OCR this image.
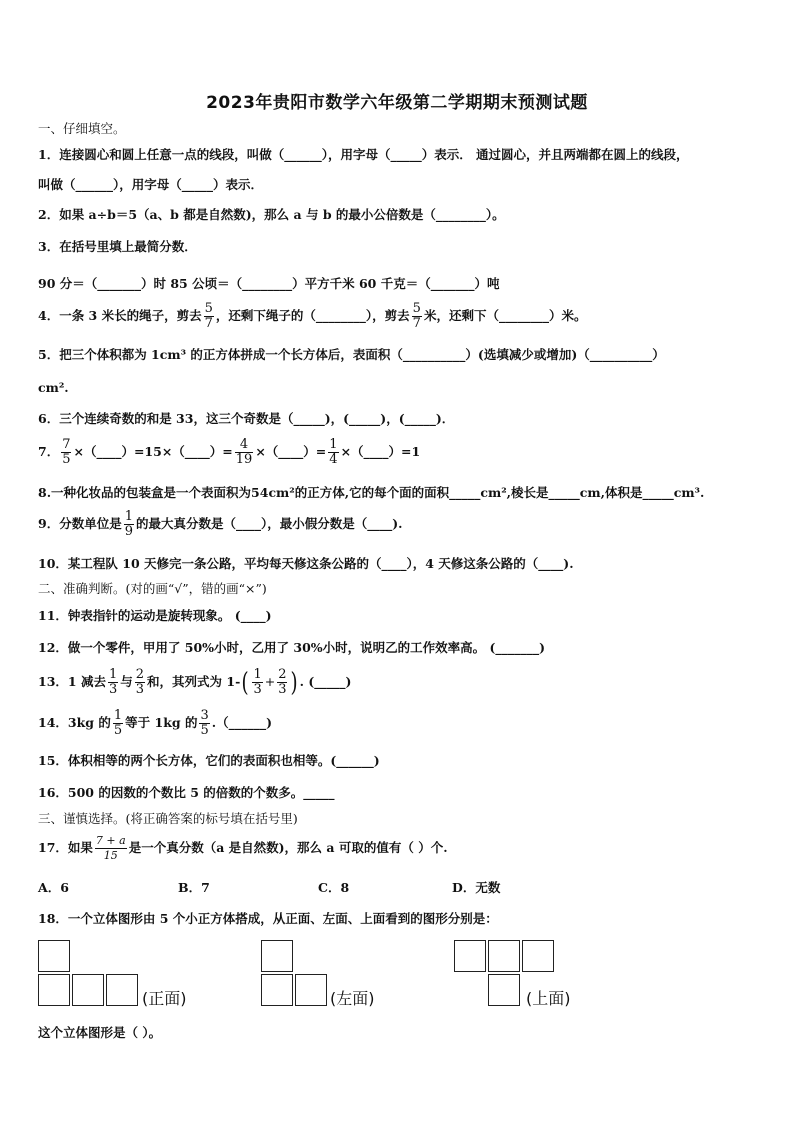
2023年贵阳市数学六年级第二学期期末预测试题
一、仔细填空。
1．连接圆心和圆上任意一点的线段，叫做（______），用字母（_____）表示． 通过圆心，并且两端都在圆上的线段，
叫做（______），用字母（_____）表示．
2．如果 a÷b＝5（a、b 都是自然数)，那么 a 与 b 的最小公倍数是（________）。
3．在括号里填上最简分数．
90 分＝（_______）时 85 公顷＝（________）平方千米 60 千克＝（_______）吨
4．一条 3 米长的绳子，剪去 $\frac{5}{7}$ ，还剩下绳子的（________），剪去 $\frac{5}{7}$ 米，还剩下（________）米。
5．把三个体积都为 1cm³ 的正方体拼成一个长方体后，表面积（__________）(选填减少或增加)（__________）
cm².
6．三个连续奇数的和是 33，这三个奇数是（_____)，(_____)，(_____)．
7． $\frac{7}{5}$ ×（____）=15×（____）= $\frac{4}{19}$ ×（____）= $\frac{1}{4}$ ×（____）=1
8.一种化妆品的包装盒是一个表面积为54cm²的正方体,它的每个面的面积_____cm²,棱长是_____cm,体积是_____cm³.
9．分数单位是 $\frac{1}{9}$ 的最大真分数是（____），最小假分数是（____).
10．某工程队 10 天修完一条公路，平均每天修这条公路的（____），4 天修这条公路的（____).
二、准确判断。(对的画“√”，错的画“×”)
11．钟表指针的运动是旋转现象。 (____)
12．做一个零件，甲用了 50%小时，乙用了 30%小时，说明乙的工作效率高。 (_______)
13．1 减去 $\frac{1}{3}$ 与 $\frac{2}{3}$ 和，其列式为 $1-( \frac{1}{3} + \frac{2}{3}$ ) . (_____)
14．3kg 的 $\frac{1}{5}$ 等于 1kg 的 $\frac{3}{5}$ .（______)
15．体积相等的两个长方体，它们的表面积也相等。(______)
16．500 的因数的个数比 5 的倍数的个数多。_____
三、谨慎选择。(将正确答案的标号填在括号里)
17．如果 $\frac{7 + a}{15}$ 是一个真分数（a 是自然数)，那么 a 可取的值有（ ）个.
A．6	B．7	C．8	D．无数
18．一个立体图形由 5 个小正方体搭成，从正面、左面、上面看到的图形分别是：
(正面)	(左面)	(上面)
这个立体图形是（ ）。
